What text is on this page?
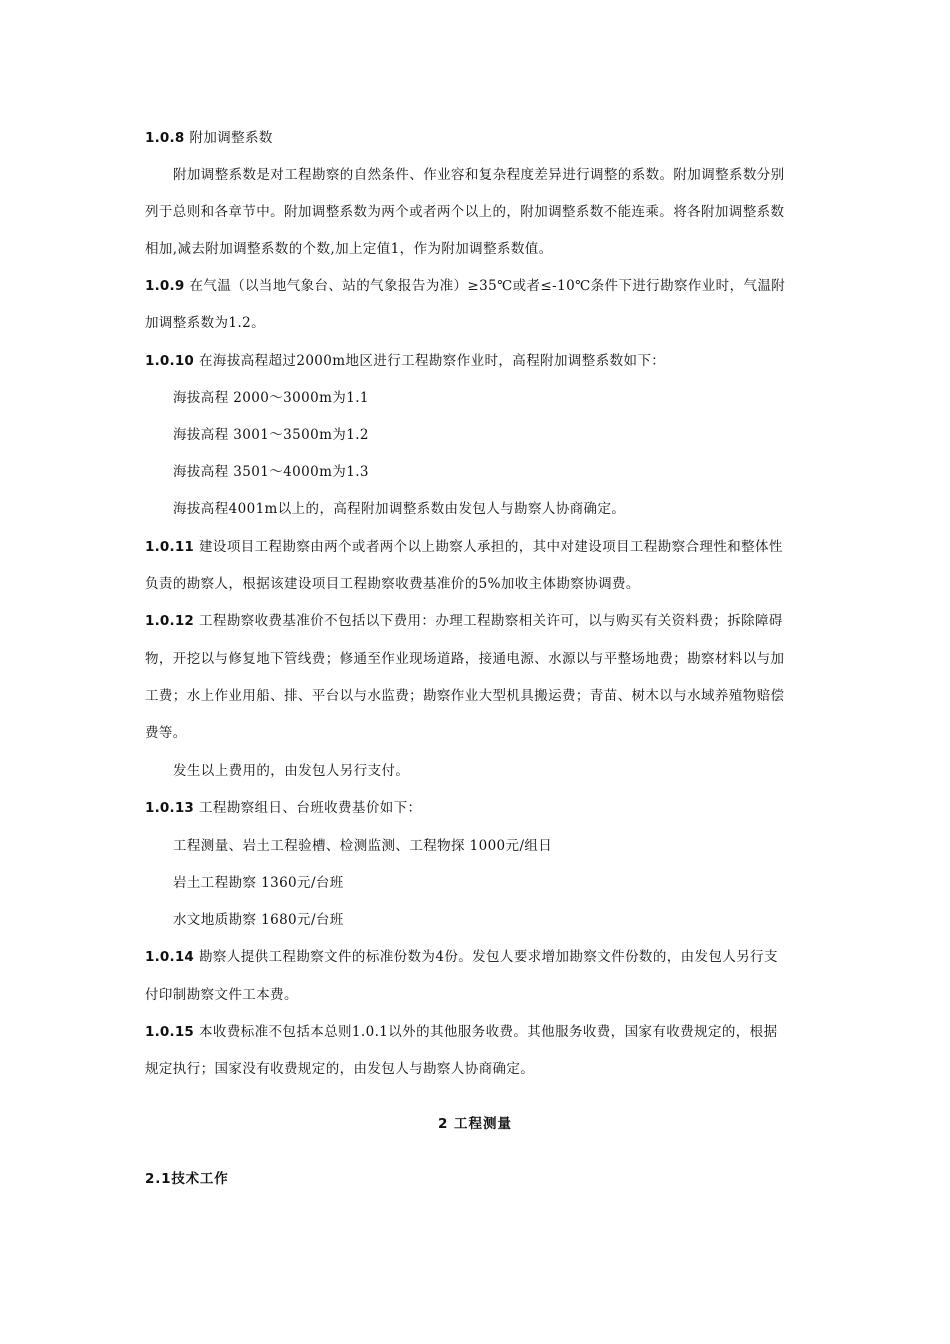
1.0.8 附加调整系数
附加调整系数是对工程勘察的自然条件、作业容和复杂程度差异进行调整的系数。附加调整系数分别
列于总则和各章节中。附加调整系数为两个或者两个以上的，附加调整系数不能连乘。将各附加调整系数
相加,减去附加调整系数的个数,加上定值1，作为附加调整系数值。
1.0.9 在气温（以当地气象台、站的气象报告为准）≥35℃或者≤-10℃条件下进行勘察作业时，气温附
加调整系数为1.2。
1.0.10 在海拔高程超过2000m地区进行工程勘察作业时，高程附加调整系数如下：
海拔高程 2000～3000m为1.1
海拔高程 3001～3500m为1.2
海拔高程 3501～4000m为1.3
海拔高程4001m以上的，高程附加调整系数由发包人与勘察人协商确定。
1.0.11 建设项目工程勘察由两个或者两个以上勘察人承担的，其中对建设项目工程勘察合理性和整体性
负责的勘察人，根据该建设项目工程勘察收费基准价的5%加收主体勘察协调费。
1.0.12 工程勘察收费基准价不包括以下费用：办理工程勘察相关许可，以与购买有关资料费；拆除障碍
物，开挖以与修复地下管线费；修通至作业现场道路，接通电源、水源以与平整场地费；勘察材料以与加
工费；水上作业用船、排、平台以与水监费；勘察作业大型机具搬运费；青苗、树木以与水域养殖物赔偿
费等。
发生以上费用的，由发包人另行支付。
1.0.13 工程勘察组日、台班收费基价如下：
工程测量、岩土工程验槽、检测监测、工程物探 1000元/组日
岩土工程勘察 1360元/台班
水文地质勘察 1680元/台班
1.0.14 勘察人提供工程勘察文件的标准份数为4份。发包人要求增加勘察文件份数的，由发包人另行支
付印制勘察文件工本费。
1.0.15 本收费标准不包括本总则1.0.1以外的其他服务收费。其他服务收费，国家有收费规定的，根据
规定执行；国家没有收费规定的，由发包人与勘察人协商确定。
2 工程测量
2.1技术工作
